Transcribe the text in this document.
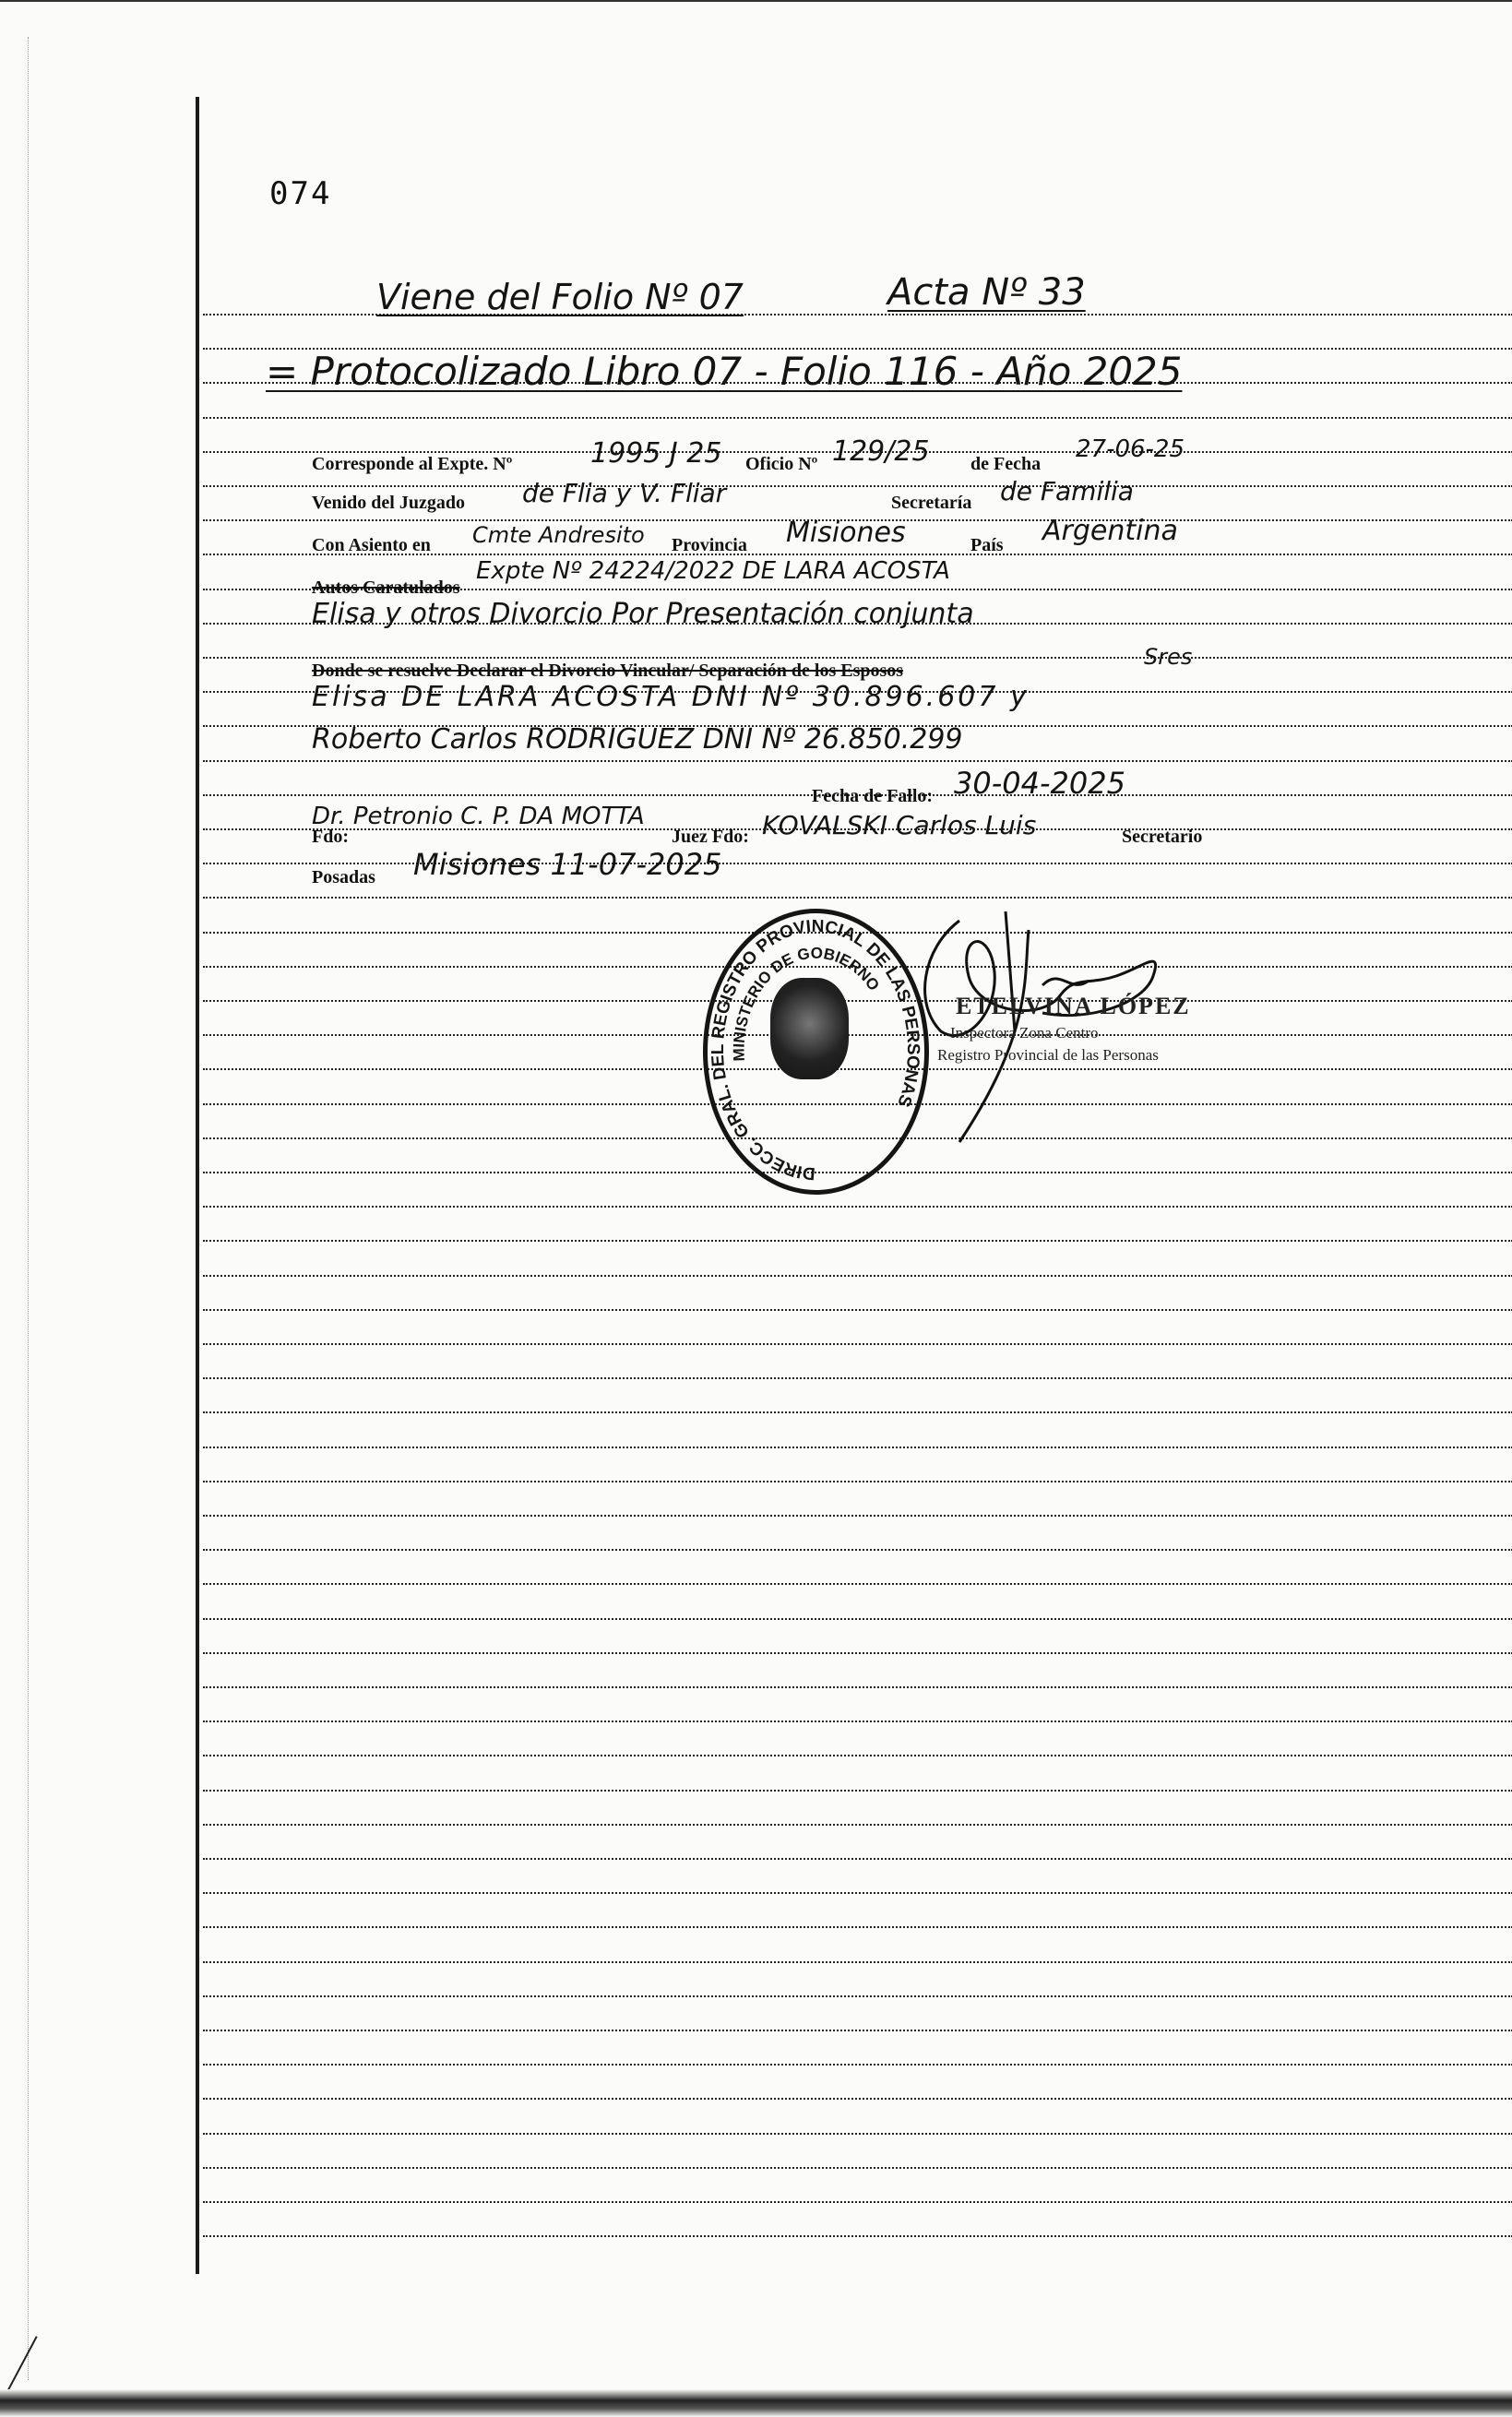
074
Viene del Folio Nº 07	Acta Nº 33
= Protocolizado Libro 07 - Folio 116 - Año 2025
Corresponde al Expte. Nº	1995 J 25 Oficio Nº 129/25 de Fecha
27-06-25
Venido del Juzgado de Flia y V. Fliar	Secretaría de Familia
Con Asiento en Cmte Andresito Provincia Misiones	País Argentina
Autos Caratulados
Expte Nº 24224/2022 DE LARA ACOSTA
Elisa y otros Divorcio Por Presentación conjunta
Donde se resuelve Declarar el Divorcio Vincular/ Separación de los Esposos
Sres
Elisa DE LARA ACOSTA DNI Nº 30.896.607 y
Roberto Carlos RODRIGUEZ DNI Nº 26.850.299
Fecha de Fallo: 30-04-2025
Fdo:
Dr. Petronio C. P. DA MOTTA
Juez Fdo: KOVALSKI Carlos Luis	Secretario
Posadas Misiones 11-07-2025
DIRECC. GRAL. DEL REGISTRO PROVINCIAL DE LAS PERSONAS
MINISTERIO DE GOBIERNO
ETELVINA LÓPEZ
Inspectora Zona Centro
Registro Provincial de las Personas
